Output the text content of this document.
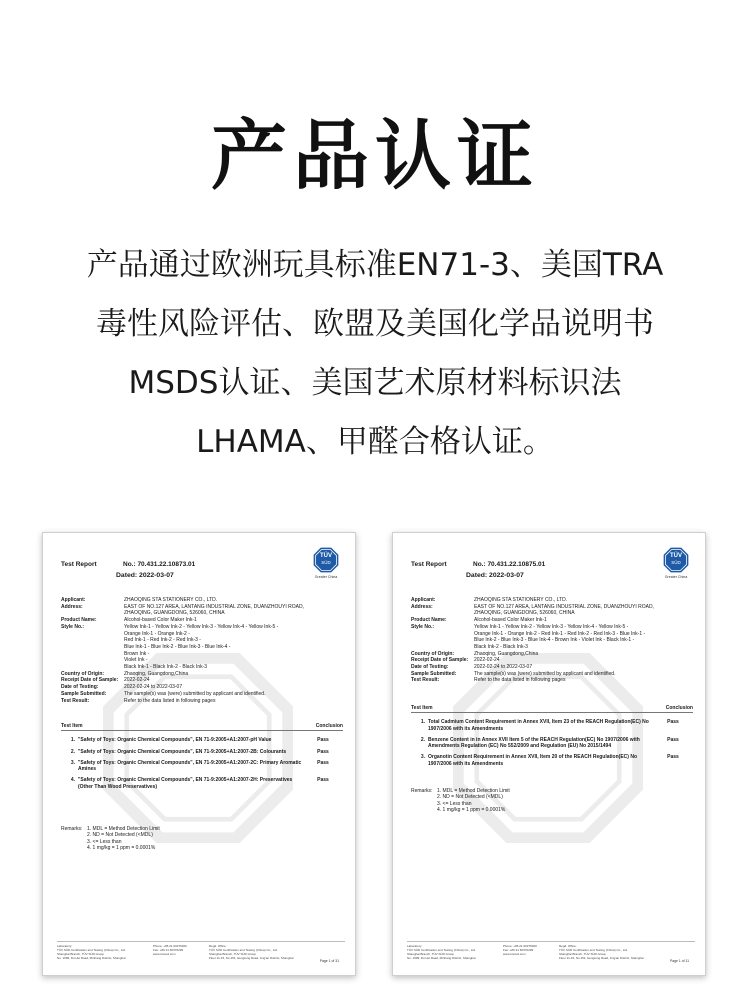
产品认证
产品通过欧洲玩具标准EN71-3、美国TRA
毒性风险评估、欧盟及美国化学品说明书
MSDS认证、美国艺术原材料标识法
LHAMA、甲醛合格认证。
Test Report	No.: 70.431.22.10873.01
Dated: 2022-03-07
TÜV
SÜD
Greater China
Applicant:	ZHAOQING STA STATIONERY CO., LTD.
Address:	EAST OF NO.127 AREA, LANTANG INDUSTRIAL ZONE, DUANZHOUYI ROAD,
ZHAOQING, GUANGDONG, 526060, CHINA
Product Name:	Alcohol-based Color Maker Ink-1
Style No.:	Yellow Ink-1 - Yellow Ink-2 - Yellow Ink-3 - Yellow Ink-4 - Yellow Ink-5 -
Orange Ink-1 - Orange Ink-2 -
Red Ink-1 - Red Ink-2 - Red Ink-3 -
Blue Ink-1 - Blue Ink-2 - Blue Ink-3 - Blue Ink-4 -
Brown Ink -
Violet Ink -
Black Ink-1 - Black Ink-2 - Black Ink-3
Country of Origin:	Zhaoqing, Guangdong,China
Receipt Date of Sample:	2022-02-24
Date of Testing:	2022-02-24 to 2022-03-07
Sample Submitted:	The sample(s) was (were) submitted by applicant and identified.
Test Result:	Refer to the data listed in following pages
Test Item	Conclusion
1. "Safety of Toys: Organic Chemical Compounds", EN 71-9:2005+A1:2007-pH Value	Pass
2. "Safety of Toys: Organic Chemical Compounds", EN 71-9:2005+A1:2007-2B: Colourants	Pass
3. "Safety of Toys: Organic Chemical Compounds", EN 71-9:2005+A1:2007-2C: Primary Aromatic Amines
Pass
4. "Safety of Toys: Organic Chemical Compounds", EN 71-9:2005+A1:2007-2H: Preservatives (Other Than Wood Preservatives)
Pass
Remarks: 1. MDL = Method Detection Limit
2. ND = Not Detected (<MDL)
3. <= Less than
4. 1 mg/kg = 1 ppm = 0.0001%
Laboratory:
TÜV SÜD Certification and Testing (China) Co., Ltd.
Shanghai Branch, TÜV SÜD Group
No. 1999, Du Hui Road, Minhang District, Shanghai
Phone: +86 21 60376300
Fax: +86 21 60376299
www.tuvsud.com
Regd. Office:
TÜV SÜD Certification and Testing (China) Co., Ltd.
Shanghai Branch, TÜV SÜD Group
Floor 11-15, No.151, Hengtong Road, Jing'an District, Shanghai
Page 1 of 31
Test Report	No.: 70.431.22.10875.01
Dated: 2022-03-07
TÜV
SÜD
Greater China
Applicant:	ZHAOQING STA STATIONERY CO., LTD.
Address:	EAST OF NO.127 AREA, LANTANG INDUSTRIAL ZONE, DUANZHOUYI ROAD,
ZHAOQING, GUANGDONG, 526060, CHINA
Product Name:	Alcohol-based Color Maker Ink-1
Style No.:	Yellow Ink-1 - Yellow Ink-2 - Yellow Ink-3 - Yellow Ink-4 - Yellow Ink-5 -
Orange Ink-1 - Orange Ink-2 - Red Ink-1 - Red Ink-2 - Red Ink-3 - Blue Ink-1 -
Blue Ink-2 - Blue Ink-3 - Blue Ink-4 - Brown Ink - Violet Ink - Black Ink-1 -
Black Ink-2 - Black Ink-3
Country of Origin:	Zhaoqing, Guangdong,China
Receipt Date of Sample:	2022-02-24
Date of Testing:	2022-02-24 to 2022-03-07
Sample Submitted:	The sample(s) was (were) submitted by applicant and identified.
Test Result:	Refer to the data listed in following pages
Test Item	Conclusion
1. Total Cadmium Content Requirement in Annex XVII, Item 23 of the REACH Regulation(EC) No 1907/2006 with its Amendments
Pass
2. Benzene Content in in Annex XVII Item 5 of the REACH Regulation(EC) No 1907/2006 with Amendments Regulation (EC) No 552/2009 and Regulation (EU) No 2015/1494
Pass
3. Organotin Content Requirement in Annex XVII, Item 20 of the REACH Regulation(EC) No 1907/2006 with its Amendments
Pass
Remarks: 1. MDL = Method Detection Limit
2. ND = Not Detected (<MDL)
3. <= Less than
4. 1 mg/kg = 1 ppm = 0.0001%
Laboratory:
TÜV SÜD Certification and Testing (China) Co., Ltd.
Shanghai Branch, TÜV SÜD Group
No. 1999, Du Hui Road, Minhang District, Shanghai
Phone: +86 21 60376300
Fax: +86 21 60376299
www.tuvsud.com
Regd. Office:
TÜV SÜD Certification and Testing (China) Co., Ltd.
Shanghai Branch, TÜV SÜD Group
Floor 11-15, No.151, Hengtong Road, Jing'an District, Shanghai
Page 1 of 11
